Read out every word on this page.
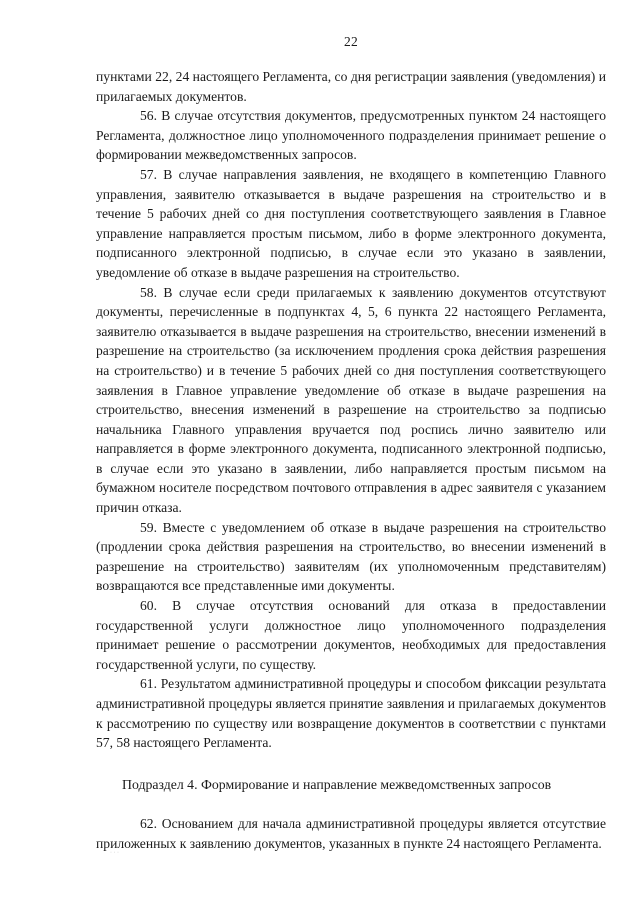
22

пунктами 22, 24 настоящего Регламента, со дня регистрации заявления (уведомления) и прилагаемых документов.

56. В случае отсутствия документов, предусмотренных пунктом 24 настоящего Регламента, должностное лицо уполномоченного подразделения принимает решение о формировании межведомственных запросов.

57. В случае направления заявления, не входящего в компетенцию Главного управления, заявителю отказывается в выдаче разрешения на строительство и в течение 5 рабочих дней со дня поступления соответствующего заявления в Главное управление направляется простым письмом, либо в форме электронного документа, подписанного электронной подписью, в случае если это указано в заявлении, уведомление об отказе в выдаче разрешения на строительство.

58. В случае если среди прилагаемых к заявлению документов отсутствуют документы, перечисленные в подпунктах 4, 5, 6 пункта 22 настоящего Регламента, заявителю отказывается в выдаче разрешения на строительство, внесении изменений в разрешение на строительство (за исключением продления срока действия разрешения на строительство) и в течение 5 рабочих дней со дня поступления соответствующего заявления в Главное управление уведомление об отказе в выдаче разрешения на строительство, внесения изменений в разрешение на строительство за подписью начальника Главного управления вручается под роспись лично заявителю или направляется в форме электронного документа, подписанного электронной подписью, в случае если это указано в заявлении, либо направляется простым письмом на бумажном носителе посредством почтового отправления в адрес заявителя с указанием причин отказа.

59. Вместе с уведомлением об отказе в выдаче разрешения на строительство (продлении срока действия разрешения на строительство, во внесении изменений в разрешение на строительство) заявителям (их уполномоченным представителям) возвращаются все представленные ими документы.

60. В случае отсутствия оснований для отказа в предоставлении государственной услуги должностное лицо уполномоченного подразделения принимает решение о рассмотрении документов, необходимых для предоставления государственной услуги, по существу.

61. Результатом административной процедуры и способом фиксации результата административной процедуры является принятие заявления и прилагаемых документов к рассмотрению по существу или возвращение документов в соответствии с пунктами 57, 58 настоящего Регламента.

Подраздел 4. Формирование и направление межведомственных запросов

62. Основанием для начала административной процедуры является отсутствие приложенных к заявлению документов, указанных в пункте 24 настоящего Регламента.

· · ·
